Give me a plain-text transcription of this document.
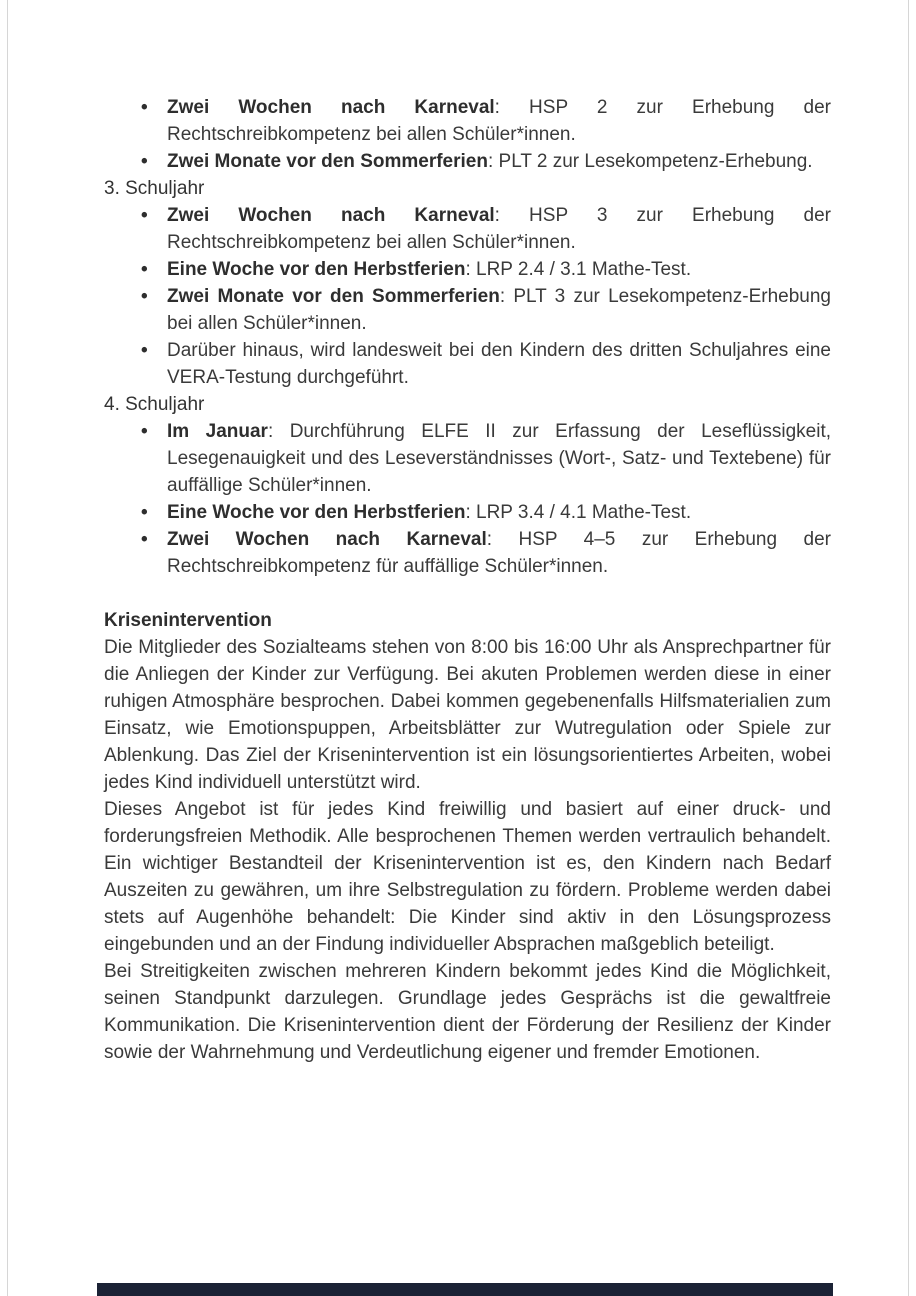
• Zwei Wochen nach Karneval: HSP 2 zur Erhebung der Rechtschreibkompetenz bei allen Schüler*innen.
• Zwei Monate vor den Sommerferien: PLT 2 zur Lesekompetenz-Erhebung.
3. Schuljahr
• Zwei Wochen nach Karneval: HSP 3 zur Erhebung der Rechtschreibkompetenz bei allen Schüler*innen.
• Eine Woche vor den Herbstferien: LRP 2.4 / 3.1 Mathe-Test.
• Zwei Monate vor den Sommerferien: PLT 3 zur Lesekompetenz-Erhebung bei allen Schüler*innen.
• Darüber hinaus, wird landesweit bei den Kindern des dritten Schuljahres eine VERA-Testung durchgeführt.
4. Schuljahr
• Im Januar: Durchführung ELFE II zur Erfassung der Leseflüssigkeit, Lesegenauigkeit und des Leseverständnisses (Wort-, Satz- und Textebene) für auffällige Schüler*innen.
• Eine Woche vor den Herbstferien: LRP 3.4 / 4.1 Mathe-Test.
• Zwei Wochen nach Karneval: HSP 4–5 zur Erhebung der Rechtschreibkompetenz für auffällige Schüler*innen.
Krisenintervention

Die Mitglieder des Sozialteams stehen von 8:00 bis 16:00 Uhr als Ansprechpartner für die Anliegen der Kinder zur Verfügung. Bei akuten Problemen werden diese in einer ruhigen Atmosphäre besprochen. Dabei kommen gegebenenfalls Hilfsmaterialien zum Einsatz, wie Emotionspuppen, Arbeitsblätter zur Wutregulation oder Spiele zur Ablenkung. Das Ziel der Krisenintervention ist ein lösungsorientiertes Arbeiten, wobei jedes Kind individuell unterstützt wird.

Dieses Angebot ist für jedes Kind freiwillig und basiert auf einer druck- und forderungsfreien Methodik. Alle besprochenen Themen werden vertraulich behandelt. Ein wichtiger Bestandteil der Krisenintervention ist es, den Kindern nach Bedarf Auszeiten zu gewähren, um ihre Selbstregulation zu fördern. Probleme werden dabei stets auf Augenhöhe behandelt: Die Kinder sind aktiv in den Lösungsprozess eingebunden und an der Findung individueller Absprachen maßgeblich beteiligt.

Bei Streitigkeiten zwischen mehreren Kindern bekommt jedes Kind die Möglichkeit, seinen Standpunkt darzulegen. Grundlage jedes Gesprächs ist die gewaltfreie Kommunikation. Die Krisenintervention dient der Förderung der Resilienz der Kinder sowie der Wahrnehmung und Verdeutlichung eigener und fremder Emotionen.
